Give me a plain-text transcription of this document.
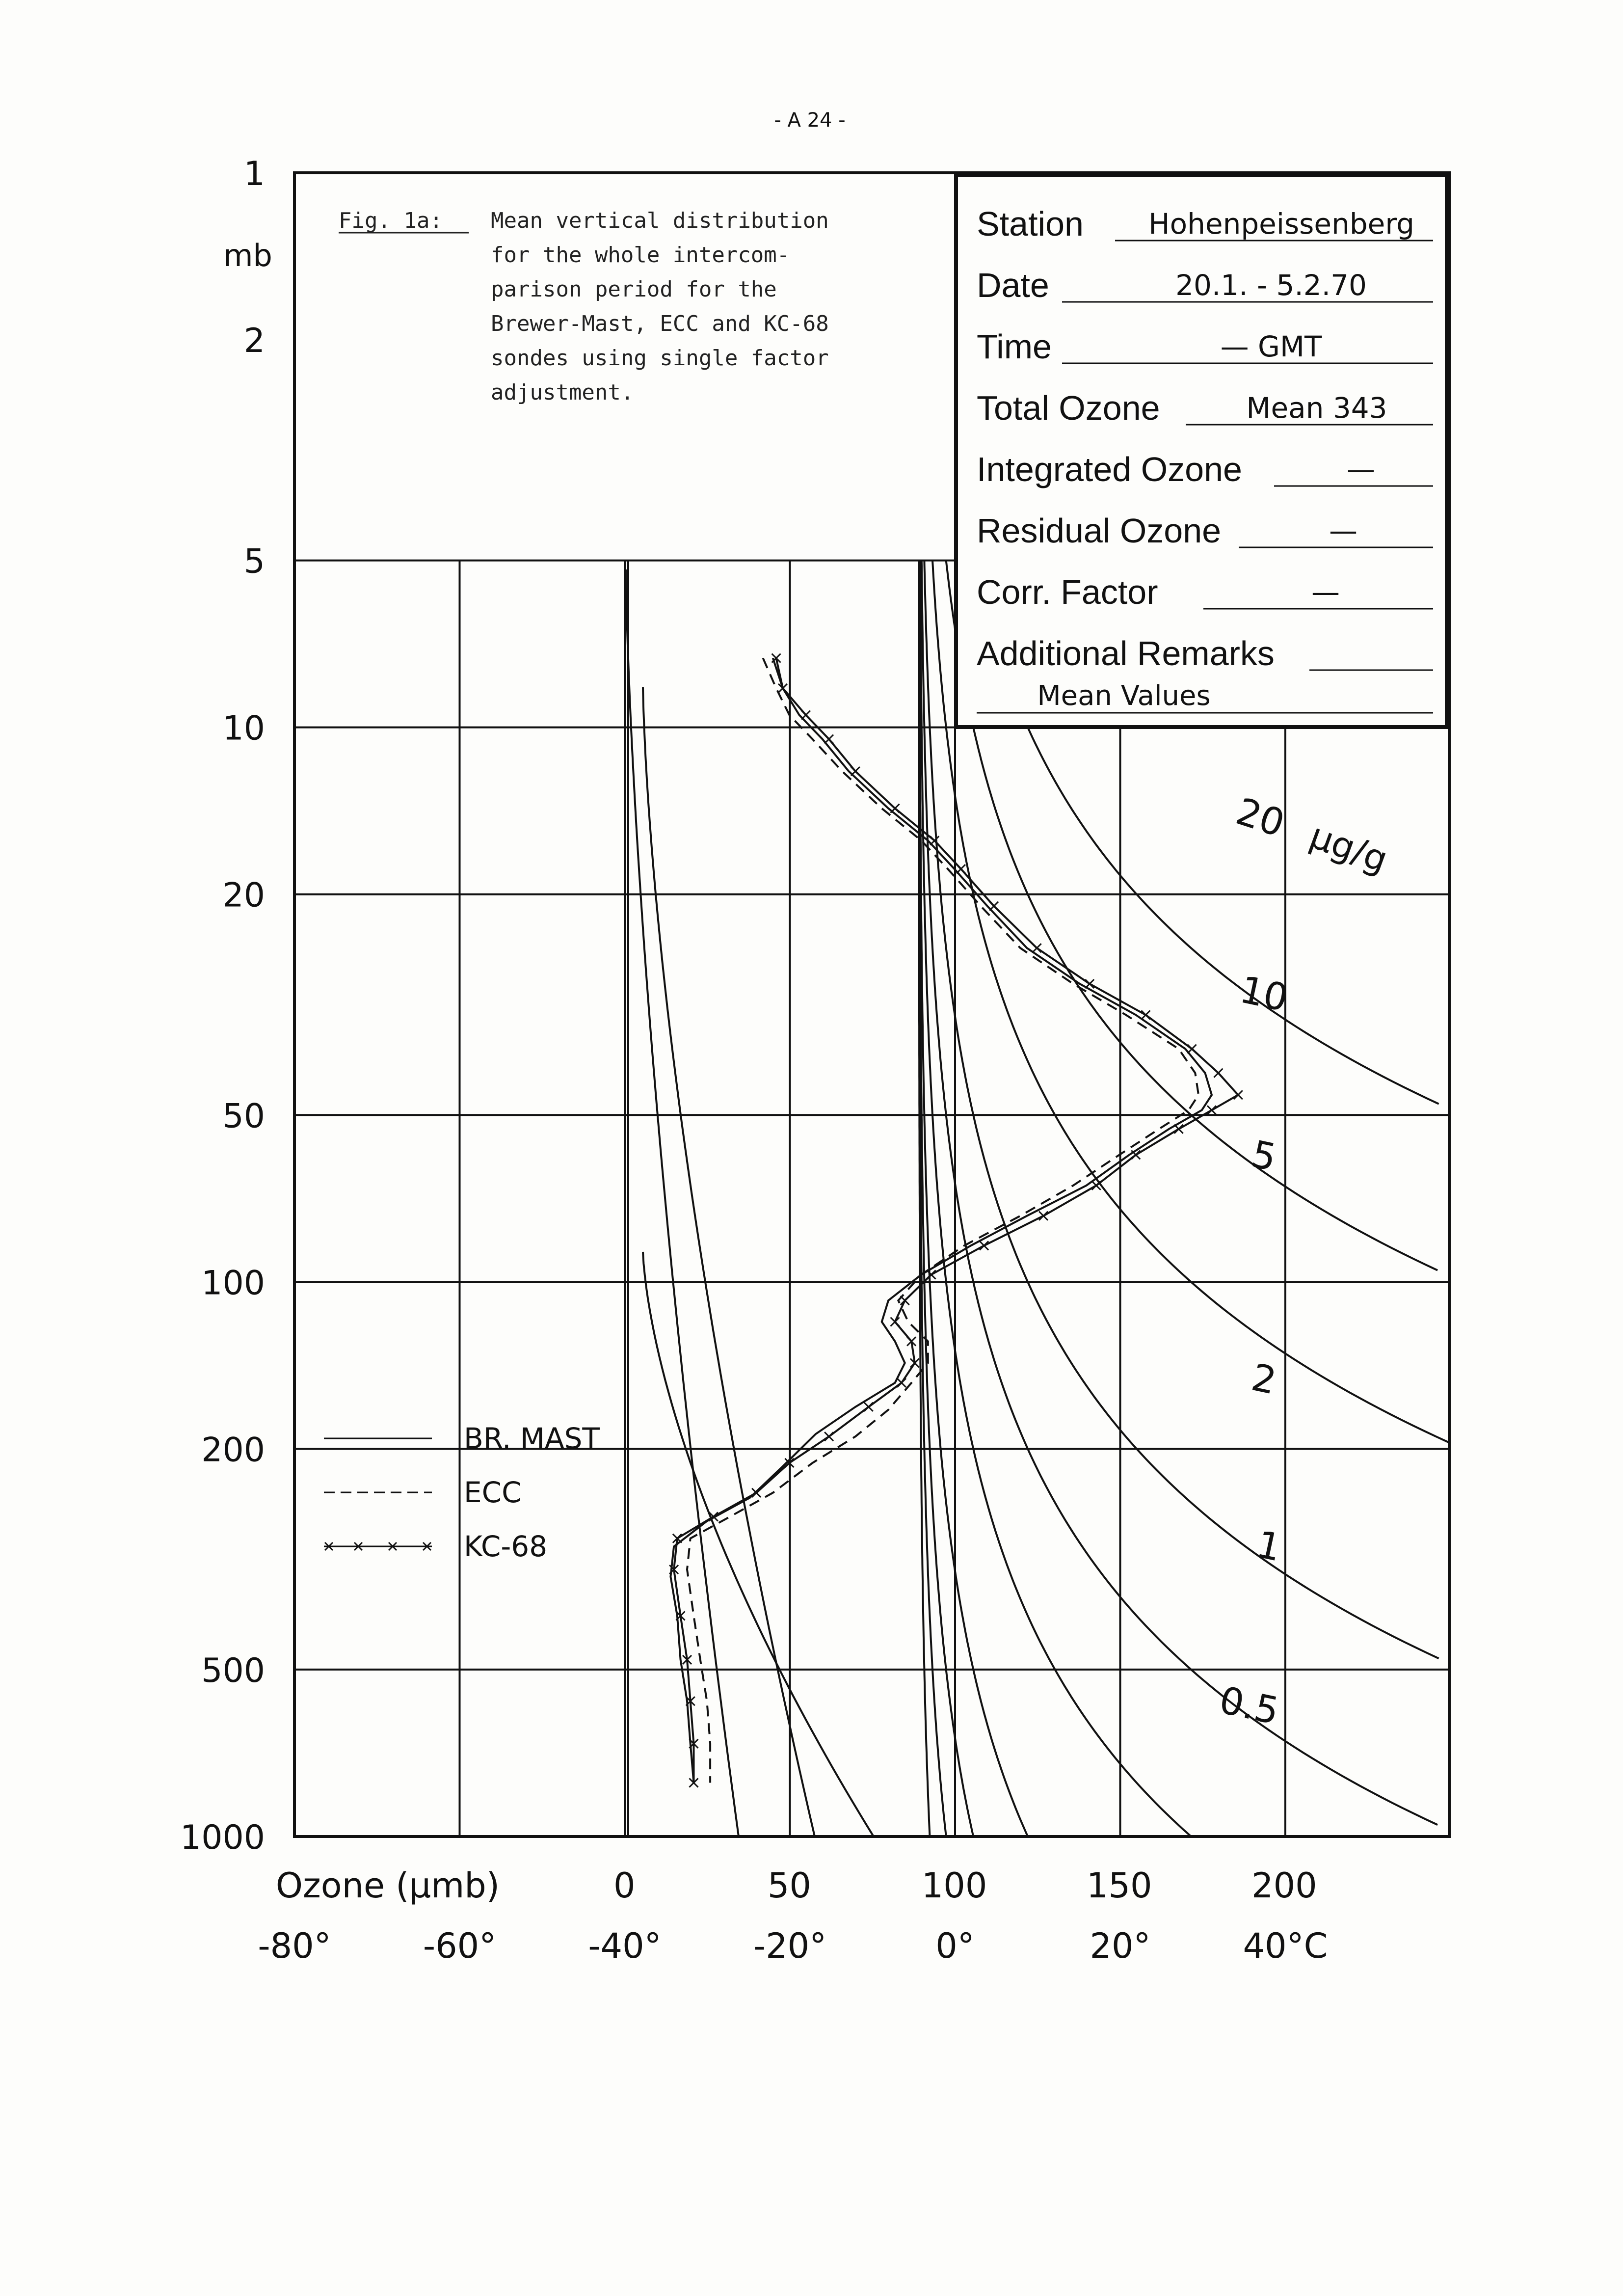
- A 24 -
Fig. 1a: Mean vertical distribution
for the whole intercom-
parison period for the
Brewer-Mast, ECC and KC-68
sondes using single factor
adjustment.
Station Hohenpeissenberg
Date	20.1. - 5.2.70
Time	— GMT
Total Ozone	Mean 343
Integrated Ozone	—
Residual Ozone	—
Corr. Factor	—
Additional Remarks
Mean Values
1
2
5
10
20
50
100
200
500
1000
mb
Ozone (µmb)	0	50	100	150	200
-80°	-60°	-40°	-20°	0°	20°	40°C
20
10
5
2
1
0.5
µg/g
BR. MAST
ECC
KC-68
